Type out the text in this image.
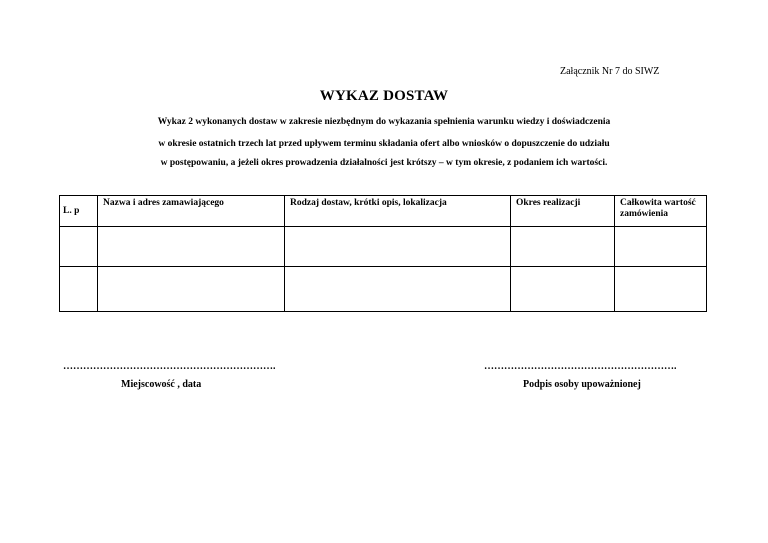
Załącznik Nr 7 do SIWZ
WYKAZ DOSTAW
Wykaz 2 wykonanych dostaw w zakresie niezbędnym do wykazania spełnienia warunku wiedzy i doświadczenia
w okresie ostatnich trzech lat przed upływem terminu składania ofert albo wniosków o dopuszczenie do udziału
w postępowaniu, a jeżeli okres prowadzenia działalności jest krótszy – w tym okresie, z podaniem ich wartości.
L. p	Nazwa i adres zamawiającego	Rodzaj dostaw, krótki opis, lokalizacja	Okres realizacji	Całkowita wartość zamówienia

……………………………………………………….	………………………………………………….
Miejscowość , data	Podpis osoby upoważnionej
